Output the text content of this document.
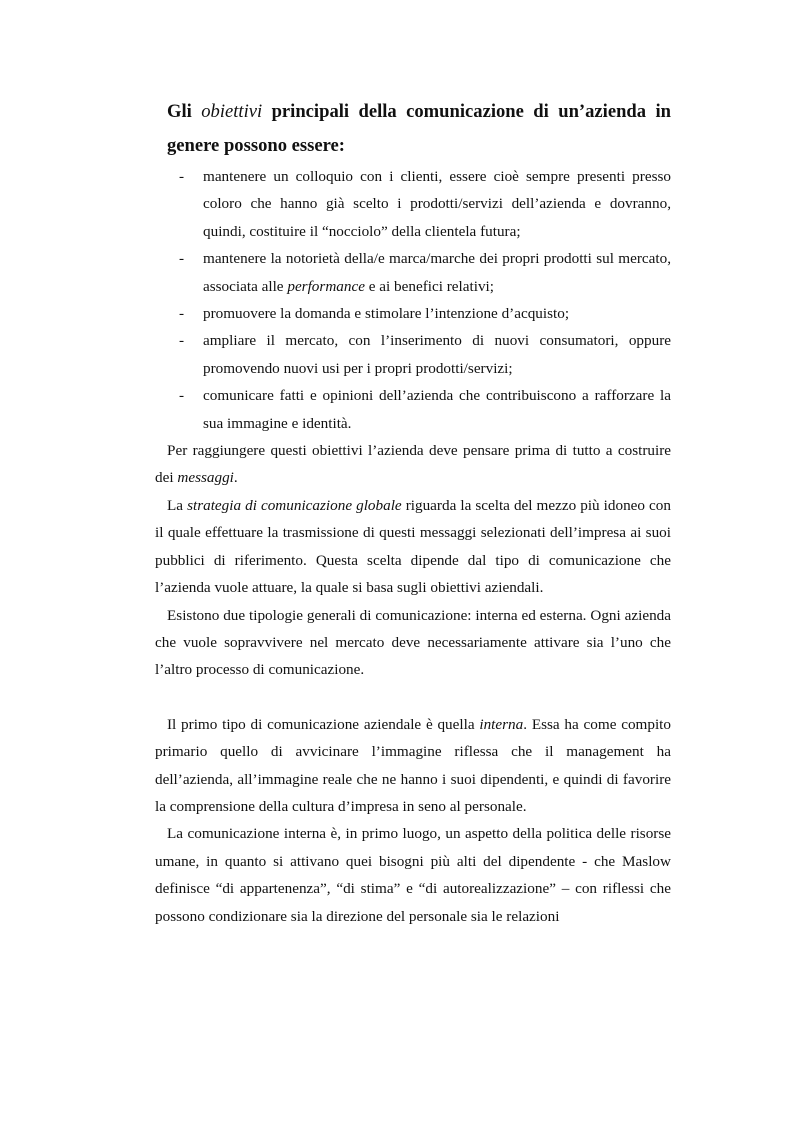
Gli obiettivi principali della comunicazione di un’azienda in genere possono essere:
- mantenere un colloquio con i clienti, essere cioè sempre presenti presso coloro che hanno già scelto i prodotti/servizi dell’azienda e dovranno, quindi, costituire il “nocciolo” della clientela futura;
- mantenere la notorietà della/e marca/marche dei propri prodotti sul mercato, associata alle performance e ai benefici relativi;
- promuovere la domanda e stimolare l’intenzione d’acquisto;
- ampliare il mercato, con l’inserimento di nuovi consumatori, oppure promovendo nuovi usi per i propri prodotti/servizi;
- comunicare fatti e opinioni dell’azienda che contribuiscono a rafforzare la sua immagine e identità.

Per raggiungere questi obiettivi l’azienda deve pensare prima di tutto a costruire dei messaggi.

La strategia di comunicazione globale riguarda la scelta del mezzo più idoneo con il quale effettuare la trasmissione di questi messaggi selezionati dell’impresa ai suoi pubblici di riferimento. Questa scelta dipende dal tipo di comunicazione che l’azienda vuole attuare, la quale si basa sugli obiettivi aziendali.

Esistono due tipologie generali di comunicazione: interna ed esterna. Ogni azienda che vuole sopravvivere nel mercato deve necessariamente attivare sia l’uno che l’altro processo di comunicazione.

Il primo tipo di comunicazione aziendale è quella interna. Essa ha come compito primario quello di avvicinare l’immagine riflessa che il management ha dell’azienda, all’immagine reale che ne hanno i suoi dipendenti, e quindi di favorire la comprensione della cultura d’impresa in seno al personale.

La comunicazione interna è, in primo luogo, un aspetto della politica delle risorse umane, in quanto si attivano quei bisogni più alti del dipendente - che Maslow definisce “di appartenenza”, “di stima” e “di autorealizzazione” – con riflessi che possono condizionare sia la direzione del personale sia le relazioni
